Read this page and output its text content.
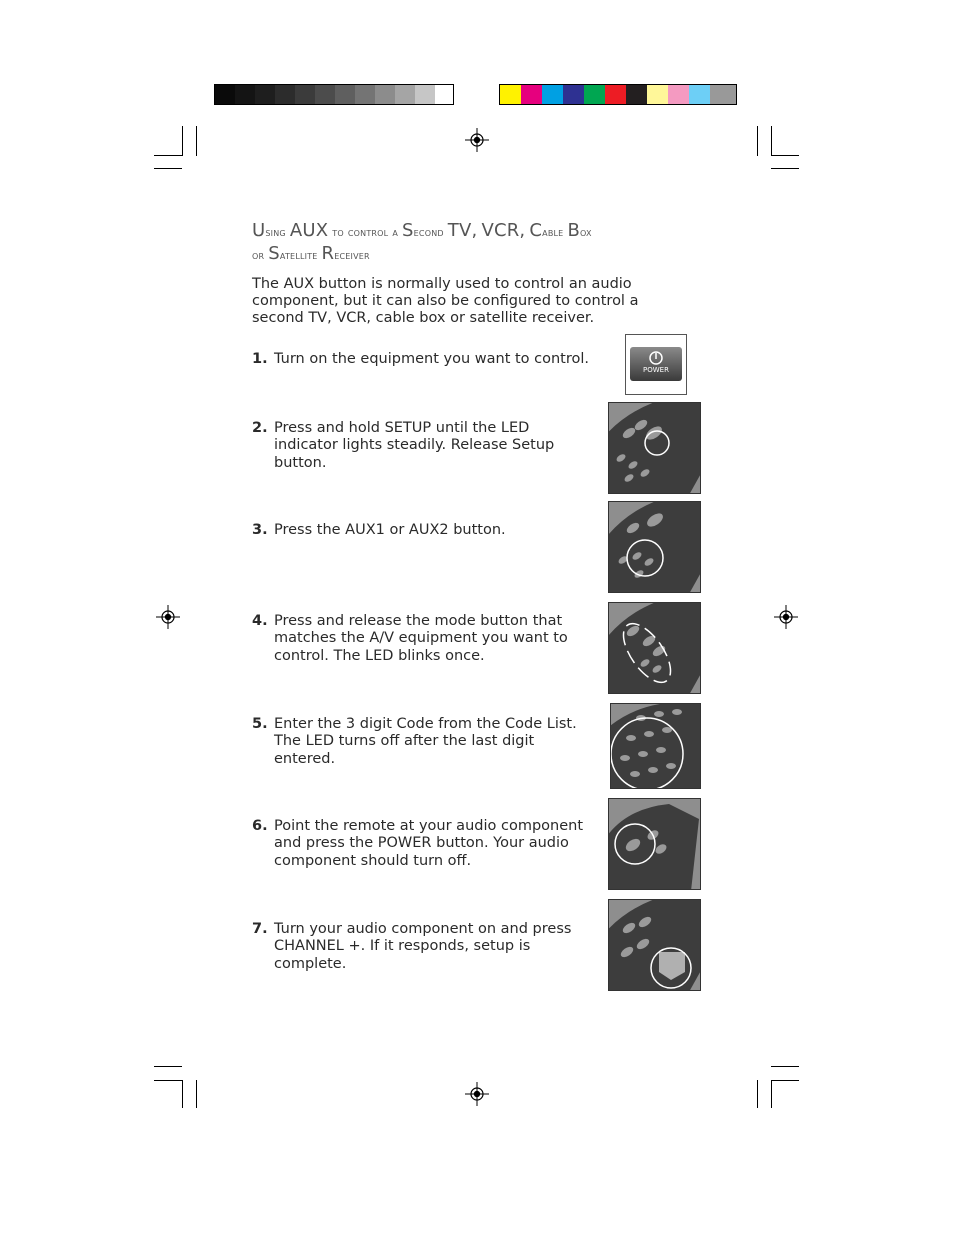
Using AUX to control a Second TV, VCR, Cable Box
or Satellite Receiver
The AUX button is normally used to control an audio component, but it can also be configured to control a second TV, VCR, cable box or satellite receiver.
1. Turn on the equipment you want to control.
2. Press and hold SETUP until the LED indicator lights steadily. Release Setup button.
3. Press the AUX1 or AUX2 button.
4. Press and release the mode button that matches the A/V equipment you want to control. The LED blinks once.
5. Enter the 3 digit Code from the Code List. The LED turns off after the last digit entered.
6. Point the remote at your audio component and press the POWER button. Your audio component should turn off.
7. Turn your audio component on and press CHANNEL +. If it responds, setup is complete.
POWER
